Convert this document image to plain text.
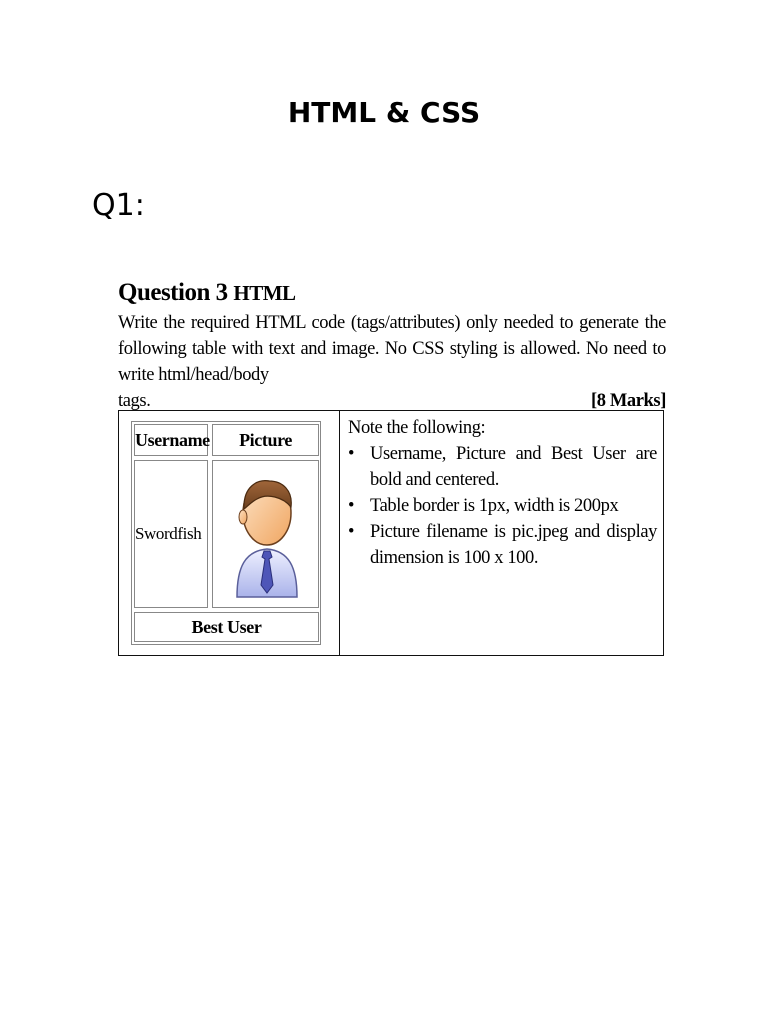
HTML & CSS
Q1:
Question 3 HTML
Write the required HTML code (tags/attributes) only needed to generate the following table with text and image. No CSS styling is allowed. No need to write html/head/body
tags.	[8 Marks]
Username	Picture
Swordfish
Best User
Note the following:
• Username, Picture and Best User are bold and centered.
• Table border is 1px, width is 200px
• Picture filename is pic.jpeg and display dimension is 100 x 100.
